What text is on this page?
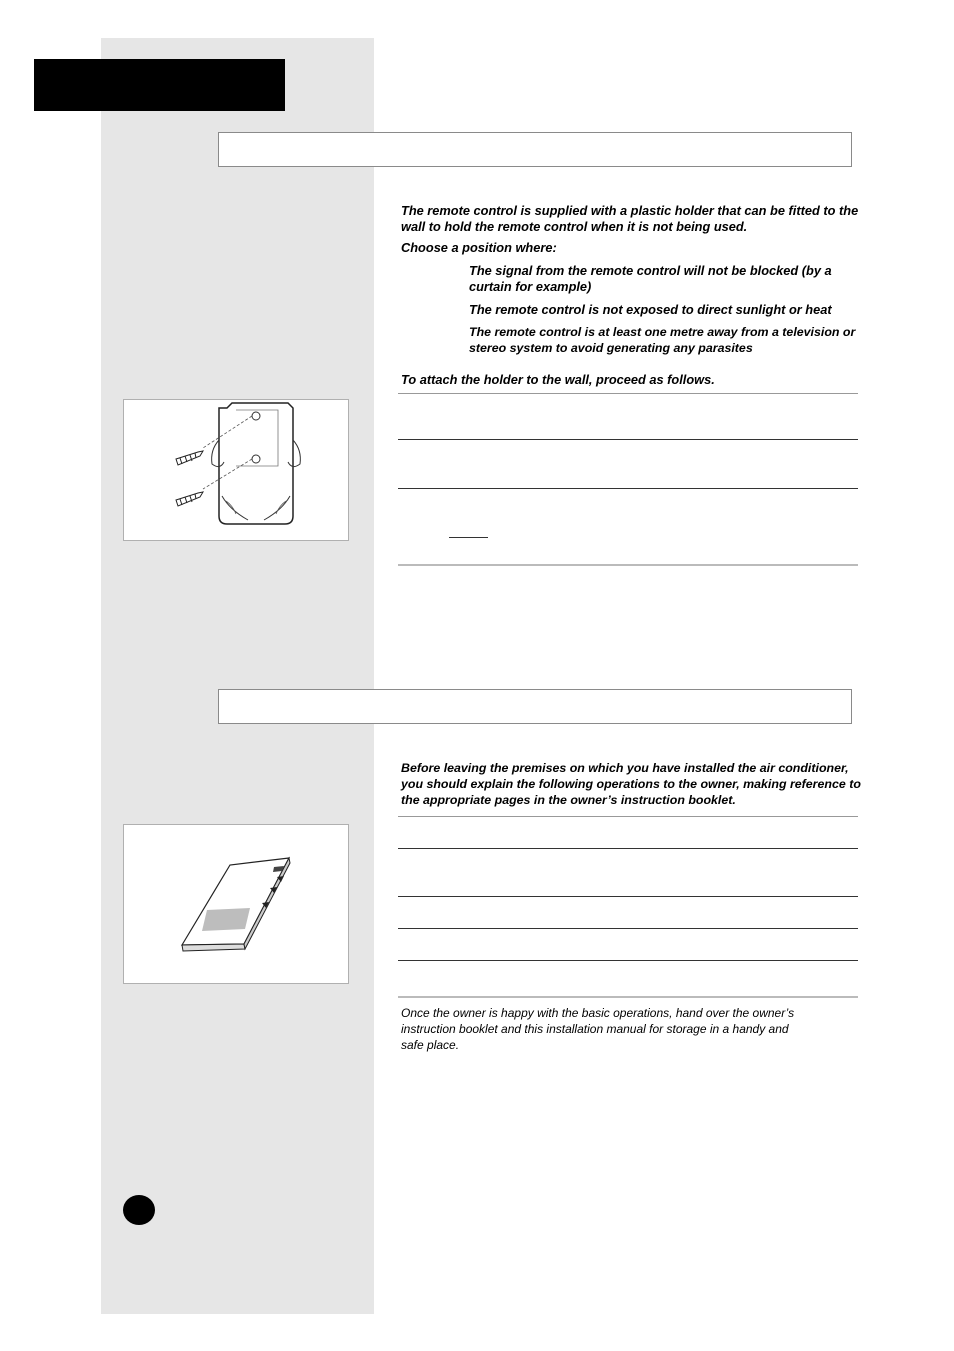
The remote control is supplied with a plastic holder that can be fitted to the wall to hold the remote control when it is not being used.

Choose a position where:

The signal from the remote control will not be blocked (by a curtain for example)

The remote control is not exposed to direct sunlight or heat

The remote control is at least one metre away from a television or stereo system to avoid generating any parasites

To attach the holder to the wall, proceed as follows.

Before leaving the premises on which you have installed the air conditioner, you should explain the following operations to the owner, making reference to the appropriate pages in the owner’s instruction booklet.

Once the owner is happy with the basic operations, hand over the owner’s instruction booklet and this installation manual for storage in a handy and safe place.
